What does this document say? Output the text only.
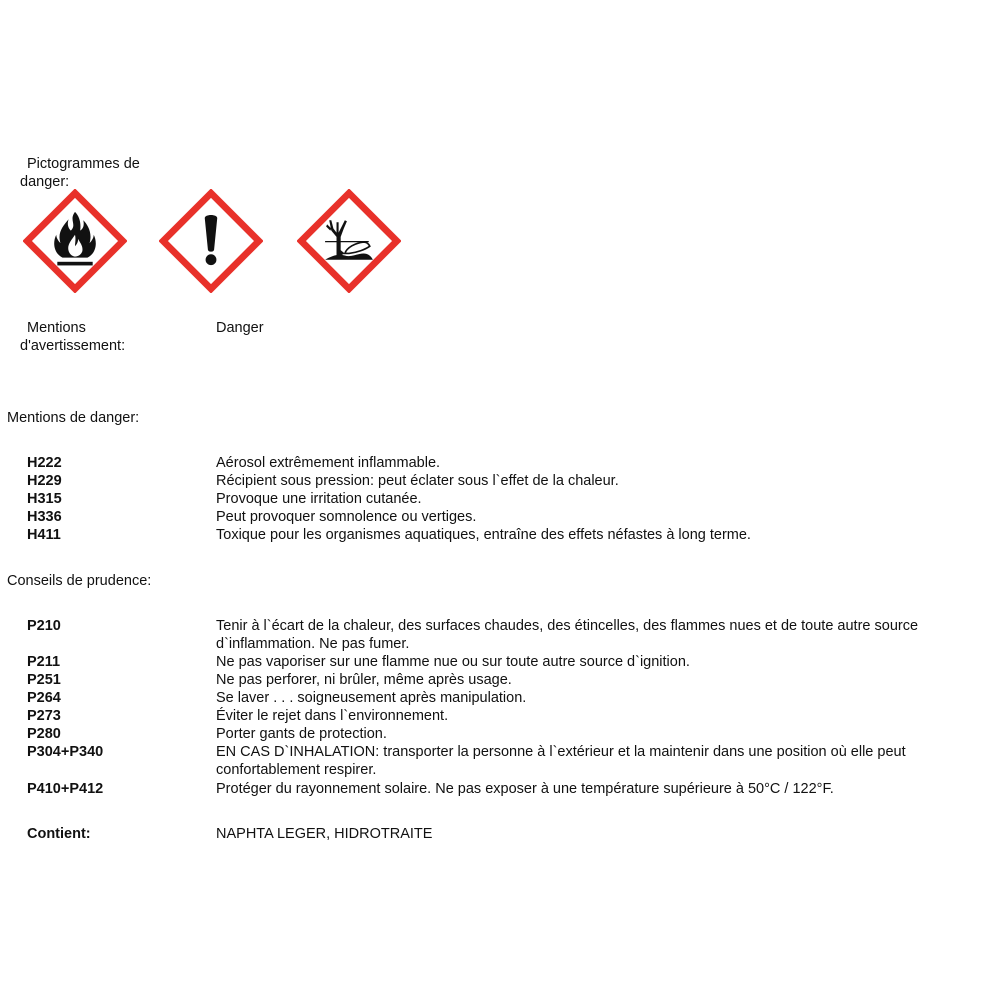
Pictogrammes de
danger:
Mentions
d'avertissement:
Danger
Mentions de danger:
H222	Aérosol extrêmement inflammable.
H229	Récipient sous pression: peut éclater sous l`effet de la chaleur.
H315	Provoque une irritation cutanée.
H336	Peut provoquer somnolence ou vertiges.
H411	Toxique pour les organismes aquatiques, entraîne des effets néfastes à long terme.
Conseils de prudence:
P210	Tenir à l`écart de la chaleur, des surfaces chaudes, des étincelles, des flammes nues et de toute autre source
d`inflammation. Ne pas fumer.
P211	Ne pas vaporiser sur une flamme nue ou sur toute autre source d`ignition.
P251	Ne pas perforer, ni brûler, même après usage.
P264	Se laver . . . soigneusement après manipulation.
P273	Éviter le rejet dans l`environnement.
P280	Porter gants de protection.
P304+P340	EN CAS D`INHALATION: transporter la personne à l`extérieur et la maintenir dans une position où elle peut
confortablement respirer.
P410+P412	Protéger du rayonnement solaire. Ne pas exposer à une température supérieure à 50°C / 122°F.
Contient:	NAPHTA LEGER, HIDROTRAITE
